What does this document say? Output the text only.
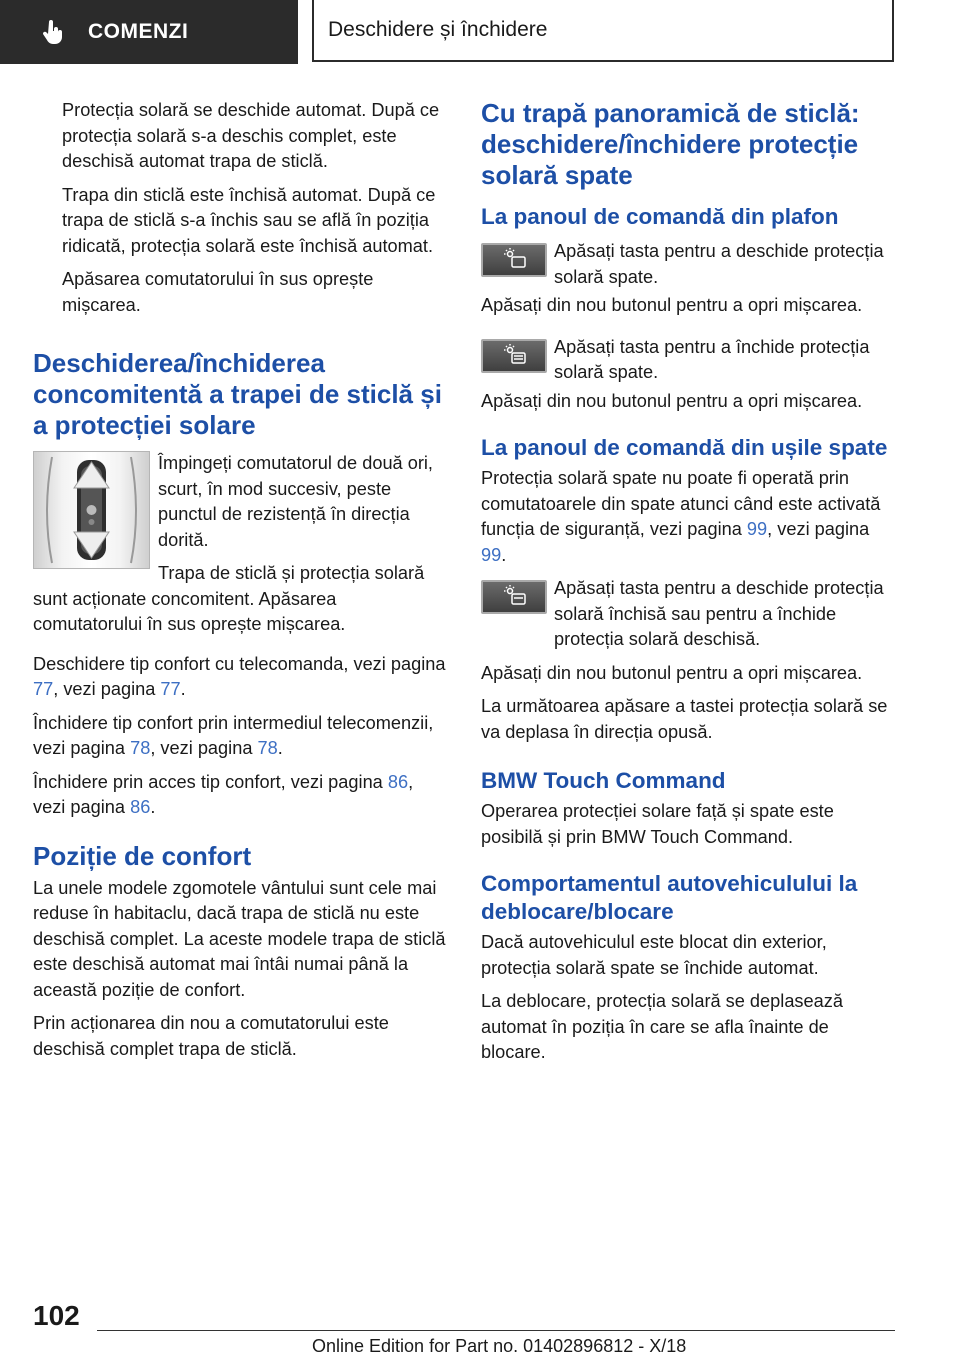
COMENZI	Deschidere și închidere

Protecția solară se deschide automat. După ce protecția solară s-a deschis complet, este deschisă automat trapa de sticlă.

Trapa din sticlă este închisă automat. După ce trapa de sticlă s-a închis sau se află în poziția ridicată, protecția solară este închisă automat.

Apăsarea comutatorului în sus oprește mișcarea.

Deschiderea/închiderea concomitentă a trapei de sticlă și a protecției solare

Împingeți comutatorul de două ori, scurt, în mod succesiv, peste punctul de rezistență în direcția dorită.

Trapa de sticlă și protecția solară sunt acționate concomitent. Apăsarea comutatorului în sus oprește mișcarea.

Deschidere tip confort cu telecomanda, vezi pagina 77, vezi pagina 77.

Închidere tip confort prin intermediul telecomenzii, vezi pagina 78, vezi pagina 78.

Închidere prin acces tip confort, vezi pagina 86, vezi pagina 86.

Poziție de confort

La unele modele zgomotele vântului sunt cele mai reduse în habitaclu, dacă trapa de sticlă nu este deschisă complet. La aceste modele trapa de sticlă este deschisă automat mai întâi numai până la această poziție de confort.

Prin acționarea din nou a comutatorului este deschisă complet trapa de sticlă.

Cu trapă panoramică de sticlă: deschidere/închidere protecție solară spate
La panoul de comandă din plafon

Apăsați tasta pentru a deschide protecția solară spate.

Apăsați din nou butonul pentru a opri mișcarea.

Apăsați tasta pentru a închide protecția solară spate.

Apăsați din nou butonul pentru a opri mișcarea.

La panoul de comandă din ușile spate

Protecția solară spate nu poate fi operată prin comutatoarele din spate atunci când este activată funcția de siguranță, vezi pagina 99, vezi pagina 99.

Apăsați tasta pentru a deschide protecția solară închisă sau pentru a închide protecția solară deschisă.

Apăsați din nou butonul pentru a opri mișcarea.

La următoarea apăsare a tastei protecția solară se va deplasa în direcția opusă.

BMW Touch Command

Operarea protecției solare față și spate este posibilă și prin BMW Touch Command.

Comportamentul autovehiculului la deblocare/blocare

Dacă autovehiculul este blocat din exterior, protecția solară spate se închide automat.

La deblocare, protecția solară se deplasează automat în poziția în care se afla înainte de blocare.

102
Online Edition for Part no. 01402896812 - X/18
